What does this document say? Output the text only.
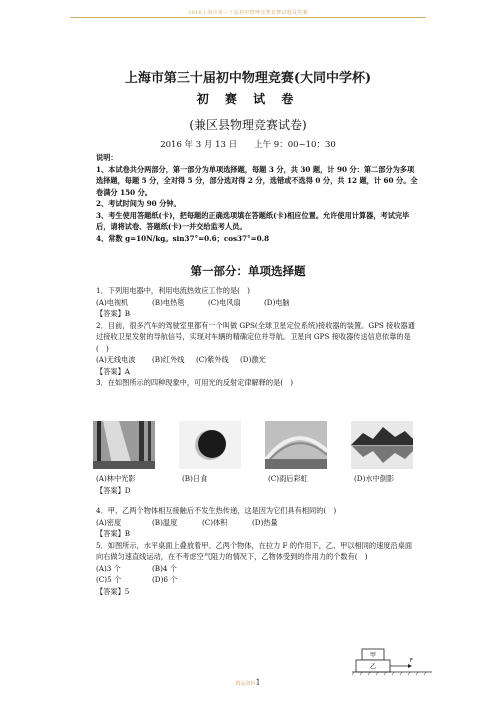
2016上海市第三十届初中物理竞赛复赛试题及答案
上海市第三十届初中物理竞赛(大同中学杯)
初 赛 试 卷
(兼区县物理竞赛试卷)
2016 年 3 月 13 日　　上午 9：00~10：30
说明：
1、本试卷共分两部分，第一部分为单项选择题，每题 3 分，共 30 题，计 90 分：第二部分为多项选择题，每题 5 分，全对得 5 分，部分选对得 2 分，选错或不选得 0 分，共 12 题，计 60 分。全卷满分 150 分。
2、考试时间为 90 分钟。
3、考生使用答题纸(卡)，把每题的正确选项填在答题纸(卡)相应位置。允许使用计算器，考试完毕后，请将试卷、答题纸(卡)一并交给监考人员。
4、常数 g=10N/kg。sin37°=0.6；cos37°=0.8
第一部分：单项选择题
1．下列用电器中，利用电流热效应工作的是(　)
(A)电视机	(B)电热毯	(C)电风扇	(D)电脑
【答案】B
2．目前，很多汽车的驾驶室里都有一个叫做 GPS(全球卫星定位系统)接收器的装置。GPS 接收器通过接收卫星发射的导航信号，实现对车辆的精确定位并导航。卫星向 GPS 接收器传送信息依靠的是(　)
(A)无线电波	(B)红外线	(C)紫外线	(D)激光
【答案】A
3．在如图所示的四种现象中，可用光的反射定律解释的是(　)
(A)林中光影	(B)日食	(C)雨后彩虹	(D)水中倒影
【答案】D
4．甲、乙两个物体相互接触后不发生热传递，这是因为它们具有相同的(　)
(A)密度	(B)温度	(C)体积	(D)热量
【答案】B
5．如图所示，水平桌面上叠放着甲、乙两个物体，在拉力 F 的作用下，乙、甲以相同的速度沿桌面向右做匀速直线运动，在不考虑空气阻力的情况下，乙物体受到的作用力的个数有(　)
(A)3 个	(B)4 个
(C)5 个	(D)6 个
【答案】5
甲
乙
F
精品资料1
